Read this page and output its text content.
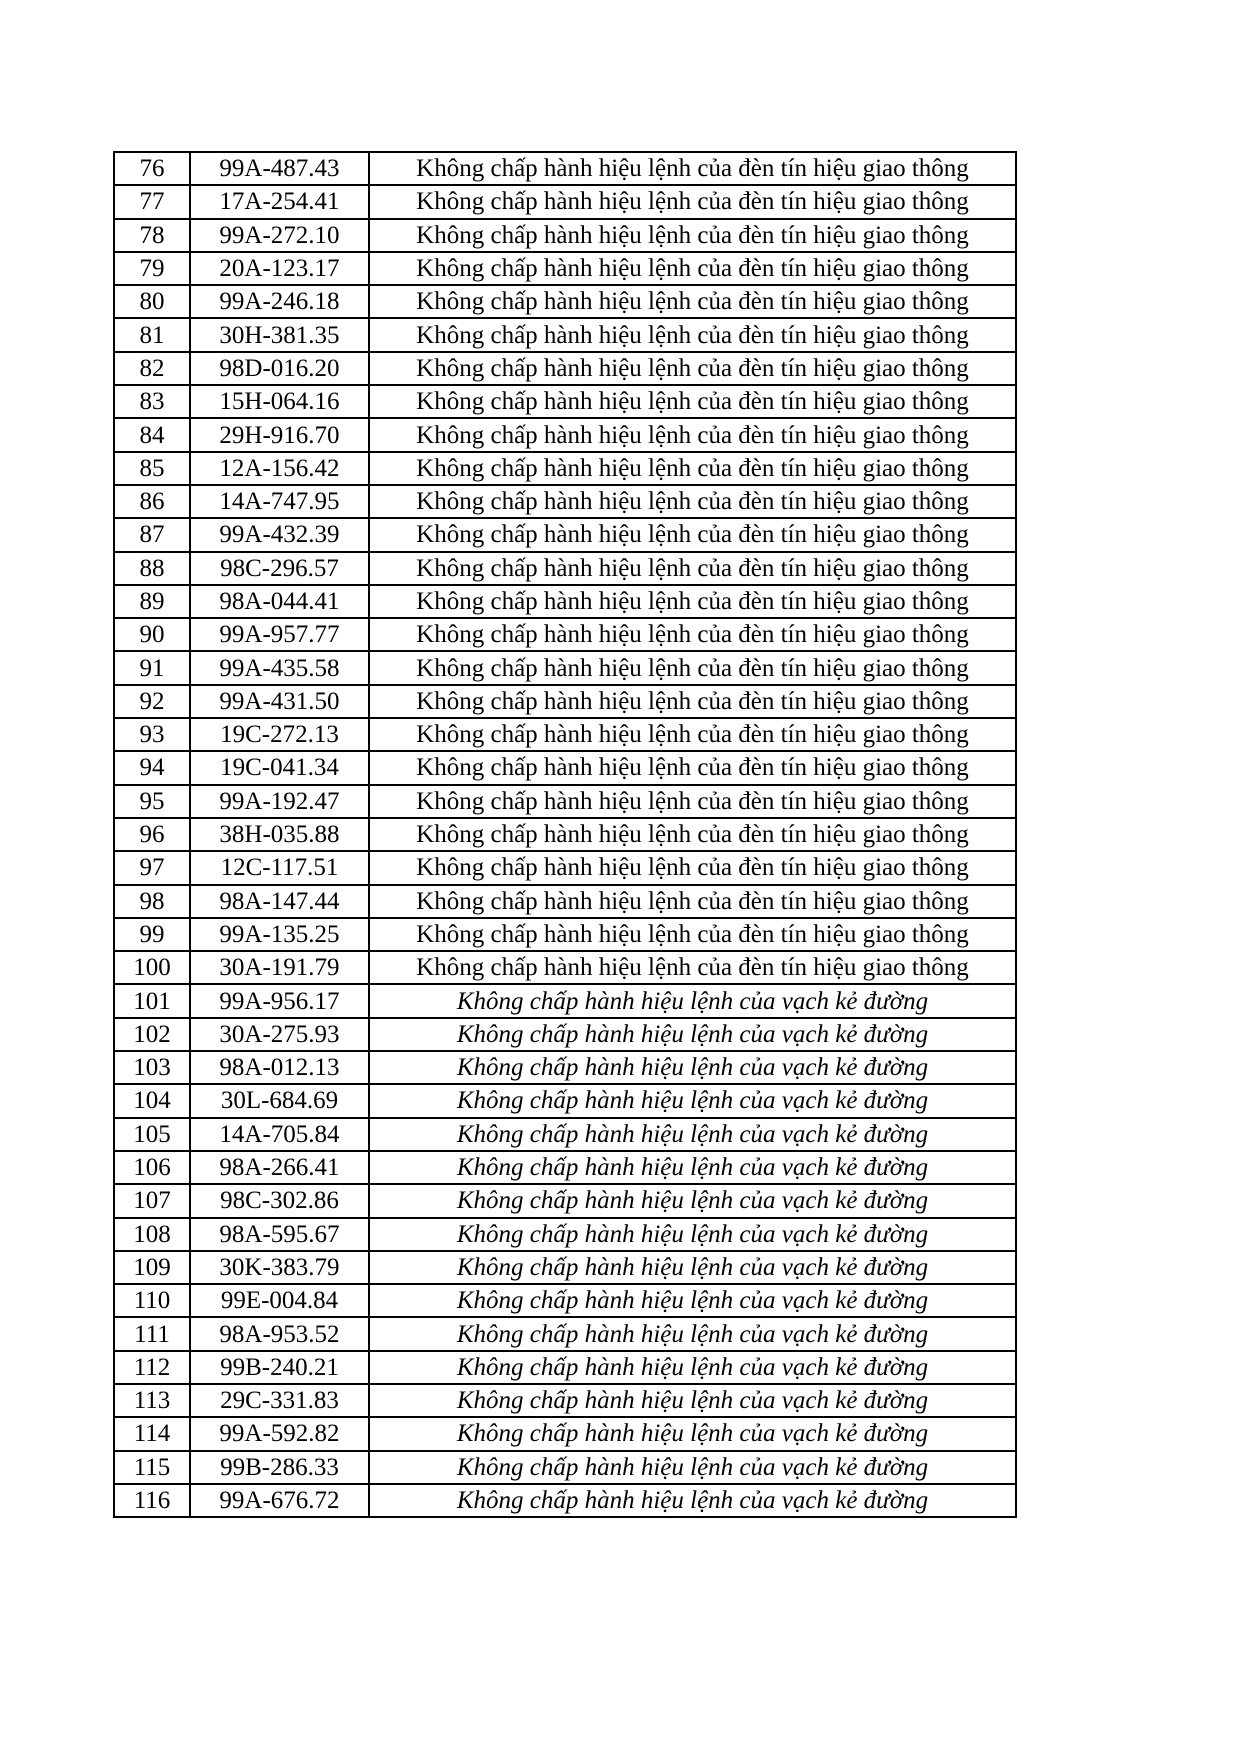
76	99A-487.43	Không chấp hành hiệu lệnh của đèn tín hiệu giao thông
77	17A-254.41	Không chấp hành hiệu lệnh của đèn tín hiệu giao thông
78	99A-272.10	Không chấp hành hiệu lệnh của đèn tín hiệu giao thông
79	20A-123.17	Không chấp hành hiệu lệnh của đèn tín hiệu giao thông
80	99A-246.18	Không chấp hành hiệu lệnh của đèn tín hiệu giao thông
81	30H-381.35	Không chấp hành hiệu lệnh của đèn tín hiệu giao thông
82	98D-016.20	Không chấp hành hiệu lệnh của đèn tín hiệu giao thông
83	15H-064.16	Không chấp hành hiệu lệnh của đèn tín hiệu giao thông
84	29H-916.70	Không chấp hành hiệu lệnh của đèn tín hiệu giao thông
85	12A-156.42	Không chấp hành hiệu lệnh của đèn tín hiệu giao thông
86	14A-747.95	Không chấp hành hiệu lệnh của đèn tín hiệu giao thông
87	99A-432.39	Không chấp hành hiệu lệnh của đèn tín hiệu giao thông
88	98C-296.57	Không chấp hành hiệu lệnh của đèn tín hiệu giao thông
89	98A-044.41	Không chấp hành hiệu lệnh của đèn tín hiệu giao thông
90	99A-957.77	Không chấp hành hiệu lệnh của đèn tín hiệu giao thông
91	99A-435.58	Không chấp hành hiệu lệnh của đèn tín hiệu giao thông
92	99A-431.50	Không chấp hành hiệu lệnh của đèn tín hiệu giao thông
93	19C-272.13	Không chấp hành hiệu lệnh của đèn tín hiệu giao thông
94	19C-041.34	Không chấp hành hiệu lệnh của đèn tín hiệu giao thông
95	99A-192.47	Không chấp hành hiệu lệnh của đèn tín hiệu giao thông
96	38H-035.88	Không chấp hành hiệu lệnh của đèn tín hiệu giao thông
97	12C-117.51	Không chấp hành hiệu lệnh của đèn tín hiệu giao thông
98	98A-147.44	Không chấp hành hiệu lệnh của đèn tín hiệu giao thông
99	99A-135.25	Không chấp hành hiệu lệnh của đèn tín hiệu giao thông
100	30A-191.79	Không chấp hành hiệu lệnh của đèn tín hiệu giao thông
101	99A-956.17	Không chấp hành hiệu lệnh của vạch kẻ đường
102	30A-275.93	Không chấp hành hiệu lệnh của vạch kẻ đường
103	98A-012.13	Không chấp hành hiệu lệnh của vạch kẻ đường
104	30L-684.69	Không chấp hành hiệu lệnh của vạch kẻ đường
105	14A-705.84	Không chấp hành hiệu lệnh của vạch kẻ đường
106	98A-266.41	Không chấp hành hiệu lệnh của vạch kẻ đường
107	98C-302.86	Không chấp hành hiệu lệnh của vạch kẻ đường
108	98A-595.67	Không chấp hành hiệu lệnh của vạch kẻ đường
109	30K-383.79	Không chấp hành hiệu lệnh của vạch kẻ đường
110	99E-004.84	Không chấp hành hiệu lệnh của vạch kẻ đường
111	98A-953.52	Không chấp hành hiệu lệnh của vạch kẻ đường
112	99B-240.21	Không chấp hành hiệu lệnh của vạch kẻ đường
113	29C-331.83	Không chấp hành hiệu lệnh của vạch kẻ đường
114	99A-592.82	Không chấp hành hiệu lệnh của vạch kẻ đường
115	99B-286.33	Không chấp hành hiệu lệnh của vạch kẻ đường
116	99A-676.72	Không chấp hành hiệu lệnh của vạch kẻ đường
